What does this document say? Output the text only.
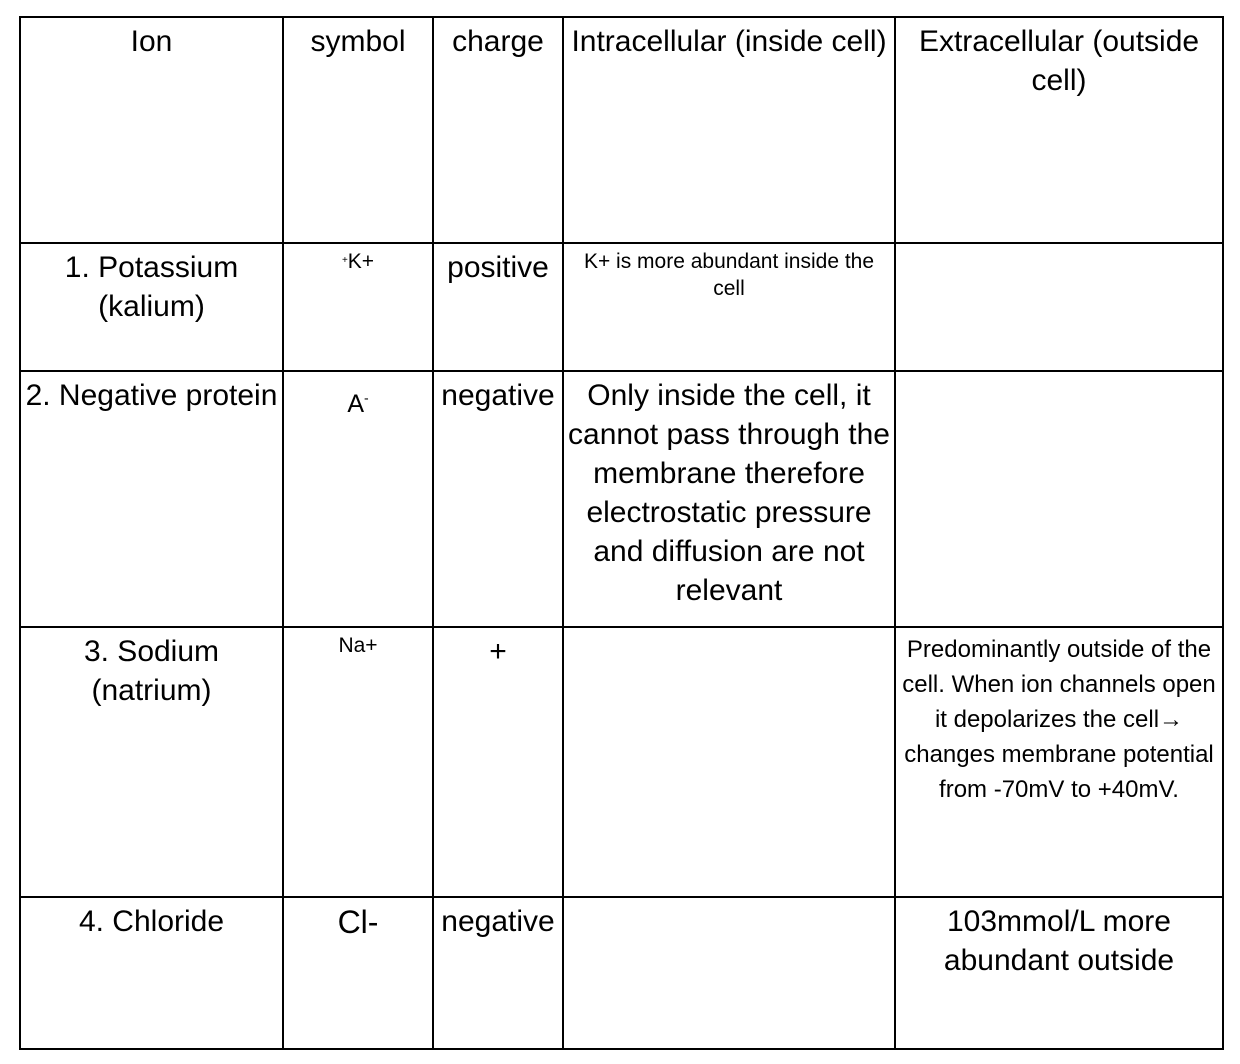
Ion	symbol	charge	Intracellular (inside cell)	Extracellular (outside cell)
1. Potassium (kalium)	+K+	positive	K+ is more abundant inside the cell	
2. Negative protein	A-	negative	Only inside the cell, it cannot pass through the membrane therefore electrostatic pressure and diffusion are not relevant	
3. Sodium (natrium)	Na+	+		Predominantly outside of the cell. When ion channels open it depolarizes the cell→ changes membrane potential from -70mV to +40mV.
4. Chloride	Cl-	negative		103mmol/L more abundant outside
